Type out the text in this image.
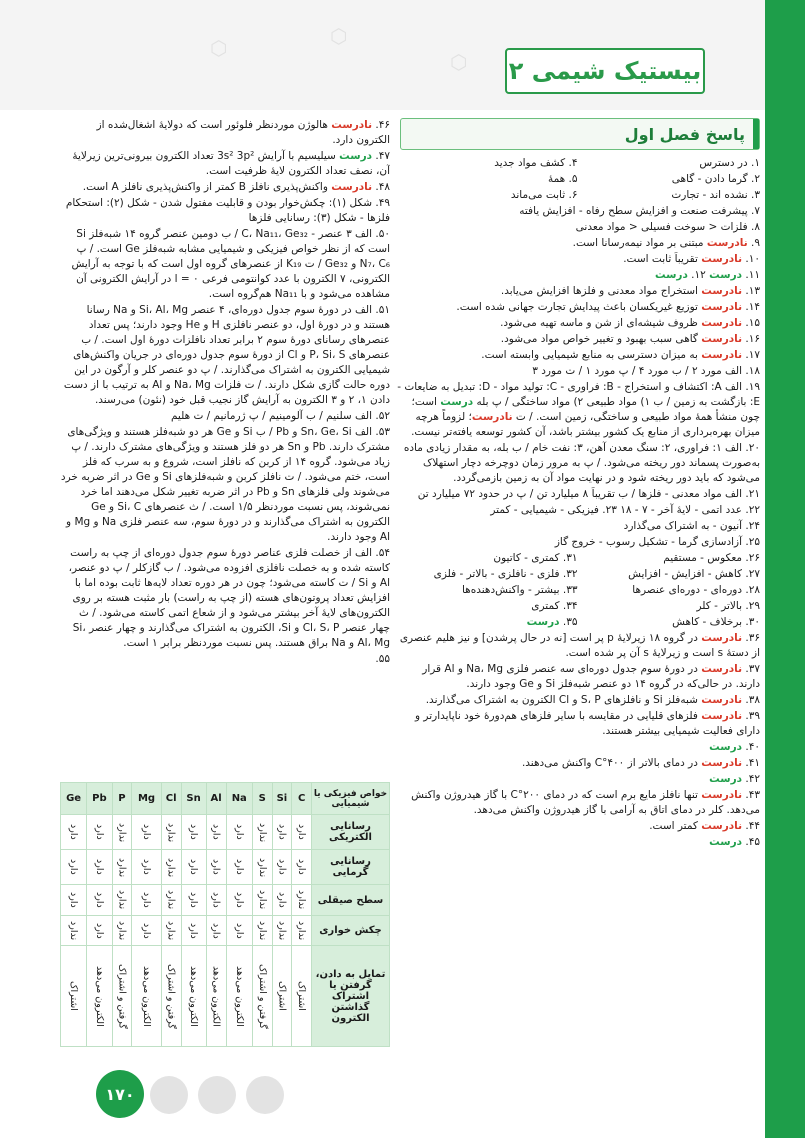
⬡	⬡
⬡ بیستیک شیمی ۲
پاسخ فصل اول
۱. در دسترس
۴. کشف مواد جدید
۲. گرما دادن - گاهی
۵. همهٔ
۳. نشده اند - تجارت
۶. ثابت می‌ماند
۷. پیشرفت صنعت و افزایش سطح رفاه - افزایش یافته
۸. فلزات < سوخت فسیلی < مواد معدنی
۹. نادرست مبتنی بر مواد نیمه‌رسانا است.
۱۰. نادرست تقریباً ثابت است.
۱۱. درست ۱۲. درست
۱۳. نادرست استخراج مواد معدنی و فلزها افزایش می‌یابد.
۱۴. نادرست توزیع غیریکسان باعث پیدایش تجارت جهانی شده است.
۱۵. نادرست ظروف شیشه‌ای از شن و ماسه تهیه می‌شود.
۱۶. نادرست گاهی سبب بهبود و تغییر خواص مواد می‌شود.
۱۷. نادرست به میزان دسترسی به منابع شیمیایی وابسته است.
۱۸. الف مورد ۲ / ب مورد ۴ / پ مورد ۱ / ت مورد ۳
۱۹. الف A: اکتشاف و استخراج - B: فراوری - C: تولید مواد - D: تبدیل به ضایعات - E: بازگشت به زمین / ب ۱) مواد طبیعی ۲) مواد ساختگی / پ بله درست است؛ چون منشأ همهٔ مواد طبیعی و ساختگی، زمین است. / ت نادرست؛ لزوماً هرچه میزان بهره‌برداری از منابع یک کشور بیشتر باشد، آن کشور توسعه یافته‌تر نیست.
۲۰. الف ۱: فراوری، ۲: سنگ معدن آهن، ۳: نفت خام / ب بله، به مقدار زیادی ماده به‌صورت پسماند دور ریخته می‌شود. / پ به مرور زمان دوچرخه دچار استهلاک می‌شود که باید دور ریخته شود و در نهایت مواد آن به زمین بازمی‌گردد.
۲۱. الف مواد معدنی - فلزها / ب تقریباً ۸ میلیارد تن / پ در حدود ۷۲ میلیارد تن
۲۲. عدد اتمی - لایهٔ آخر - ۷ - ۱۸ ۲۳. فیزیکی - شیمیایی - کمتر
۲۴. آنیون - به اشتراک می‌گذارد
۲۵. آزادسازی گرما - تشکیل رسوب - خروج گاز
۲۶. معکوس - مستقیم
۳۱. کمتری - کاتیون
۲۷. کاهش - افزایش - افزایش
۳۲. فلزی - نافلزی - بالاتر - فلزی
۲۸. دوره‌ای - دوره‌ای عنصرها
۳۳. بیشتر - واکنش‌دهنده‌ها
۲۹. بالاتر - کلر
۳۴. کمتری
۳۰. برخلاف - کاهش
۳۵. درست
۳۶. نادرست در گروه ۱۸ زیرلایهٔ p پر است [نه در حال پرشدن] و نیز هلیم عنصری از دستهٔ s است و زیرلایهٔ s آن پر شده است.
۳۷. نادرست در دورهٔ سوم جدول دوره‌ای سه عنصر فلزی Na، Mg و Al قرار دارند. در حالی‌که در گروه ۱۴ دو عنصر شبه‌فلز Si و Ge وجود دارند.
۳۸. نادرست شبه‌فلز Si و نافلزهای S، P و Cl الکترون به اشتراک می‌گذارند.
۳۹. نادرست فلزهای قلیایی در مقایسه با سایر فلزهای هم‌دورهٔ خود ناپایدارتر و دارای فعالیت شیمیایی بیشتر هستند.
۴۰. درست
۴۱. نادرست در دمای بالاتر از ۴۰۰°C واکنش می‌دهند.
۴۲. درست
۴۳. نادرست تنها نافلز مایع برم است که در دمای ۲۰۰°C با گاز هیدروژن واکنش می‌دهد. کلر در دمای اتاق به آرامی با گاز هیدروژن واکنش می‌دهد.
۴۴. نادرست کمتر است.
۴۵. درست
۴۶. نادرست هالوژن موردنظر فلوئور است که دولایهٔ اشغال‌شده از الکترون دارد.
۴۷. درست سیلیسیم با آرایش 3s² 3p² تعداد الکترون بیرونی‌ترین زیرلایهٔ آن، نصف تعداد الکترون لایهٔ ظرفیت است.
۴۸. نادرست واکنش‌پذیری نافلز B کمتر از واکنش‌پذیری نافلز A است.
۴۹. شکل (۱): چکش‌خوار بودن و قابلیت مفتول شدن - شکل (۲): استحکام فلزها - شکل (۳): رسانایی فلزها
۵۰. الف ۳ عنصر - C، Na₁₁، Ge₃₂ / ب دومین عنصر گروه ۱۴ شبه‌فلز Si است که از نظر خواص فیزیکی و شیمیایی مشابه شبه‌فلز Ge است. / پ N₇، C₆ و Ge₃₂ / ت K₁₉ از عنصرهای گروه اول است که با توجه به آرایش الکترونی، ۷ الکترون با عدد کوانتومی فرعی l = ۰ در آرایش الکترونی آن مشاهده می‌شود و با Na₁₁ هم‌گروه است.
۵۱. الف در دورهٔ سوم جدول دوره‌ای، ۴ عنصر Si، Al، Mg و Na رسانا هستند و در دورهٔ اول، دو عنصر نافلزی H و He وجود دارند؛ پس تعداد عنصرهای رسانای دورهٔ سوم ۲ برابر تعداد نافلزات دورهٔ اول است. / ب عنصرهای P، Si، S و Cl از دورهٔ سوم جدول دوره‌ای در جریان واکنش‌های شیمیایی الکترون به اشتراک می‌گذارند. / پ دو عنصر کلر و آرگون در این دوره حالت گازی شکل دارند. / ت فلزات Na، Mg و Al به ترتیب با از دست دادن ۱، ۲ و ۳ الکترون به آرایش گاز نجیب قبل خود (نئون) می‌رسند.
۵۲. الف سلنیم / ب آلومینیم / پ ژرمانیم / ت هلیم
۵۳. الف Sn، Ge، Si و Pb / ب Si و Ge هر دو شبه‌فلز هستند و ویژگی‌های مشترک دارند. Pb و Sn هر دو فلز هستند و ویژگی‌های مشترک دارند. / پ زیاد می‌شود. گروه ۱۴ از کربن که نافلز است، شروع و به سرب که فلز است، ختم می‌شود. / ت نافلز کربن و شبه‌فلزهای Si و Ge در اثر ضربه خرد می‌شوند ولی فلزهای Sn و Pb در اثر ضربه تغییر شکل می‌دهند اما خرد نمی‌شوند، پس نسبت موردنظر ۱/۵ است. / ث عنصرهای Si، C و Ge الکترون به اشتراک می‌گذارند و در دورهٔ سوم، سه عنصر فلزی Na و Mg و Al وجود دارند.
۵۴. الف از خصلت فلزی عناصر دورهٔ سوم جدول دوره‌ای از چپ به راست کاسته شده و به خصلت نافلزی افزوده می‌شود. / ب گازکلر / پ دو عنصر، Al و Si / ت کاسته می‌شود؛ چون در هر دوره تعداد لایه‌ها ثابت بوده اما با افزایش تعداد پروتون‌های هسته (از چپ به راست) بار مثبت هسته بر روی الکترون‌های لایهٔ آخر بیشتر می‌شود و از شعاع اتمی کاسته می‌شود. / ث چهار عنصر Cl، S، P و Si، الکترون به اشتراک می‌گذارند و چهار عنصر Si، Al، Mg و Na براق هستند. پس نسبت موردنظر برابر ۱ است.
۵۵.
Ge	Pb	P	Mg	Cl	Sn	Al	Na	S	Si	C	خواص فیزیکی یا شیمیایی
دارد	دارد	ندارد	دارد	ندارد	دارد	دارد	دارد	ندارد	دارد	دارد	رسانایی الکتریکی
دارد	دارد	ندارد	دارد	ندارد	دارد	دارد	دارد	ندارد	دارد	دارد	رسانایی گرمایی
دارد	دارد	ندارد	دارد	ندارد	دارد	دارد	دارد	ندارد	دارد	ندارد	سطح صیقلی
ندارد	دارد	ندارد	دارد	ندارد	دارد	دارد	دارد	ندارد	ندارد	ندارد	چکش خواری
اشتراک	الکترون می‌دهد	گرفتن و اشتراک	الکترون می‌دهد	گرفتن و اشتراک	الکترون می‌دهد	الکترون می‌دهد	الکترون می‌دهد	گرفتن و اشتراک	اشتراک	اشتراک	تمایل به دادن، گرفتن یا اشتراک گذاشتن الکترون
۱۷۰
